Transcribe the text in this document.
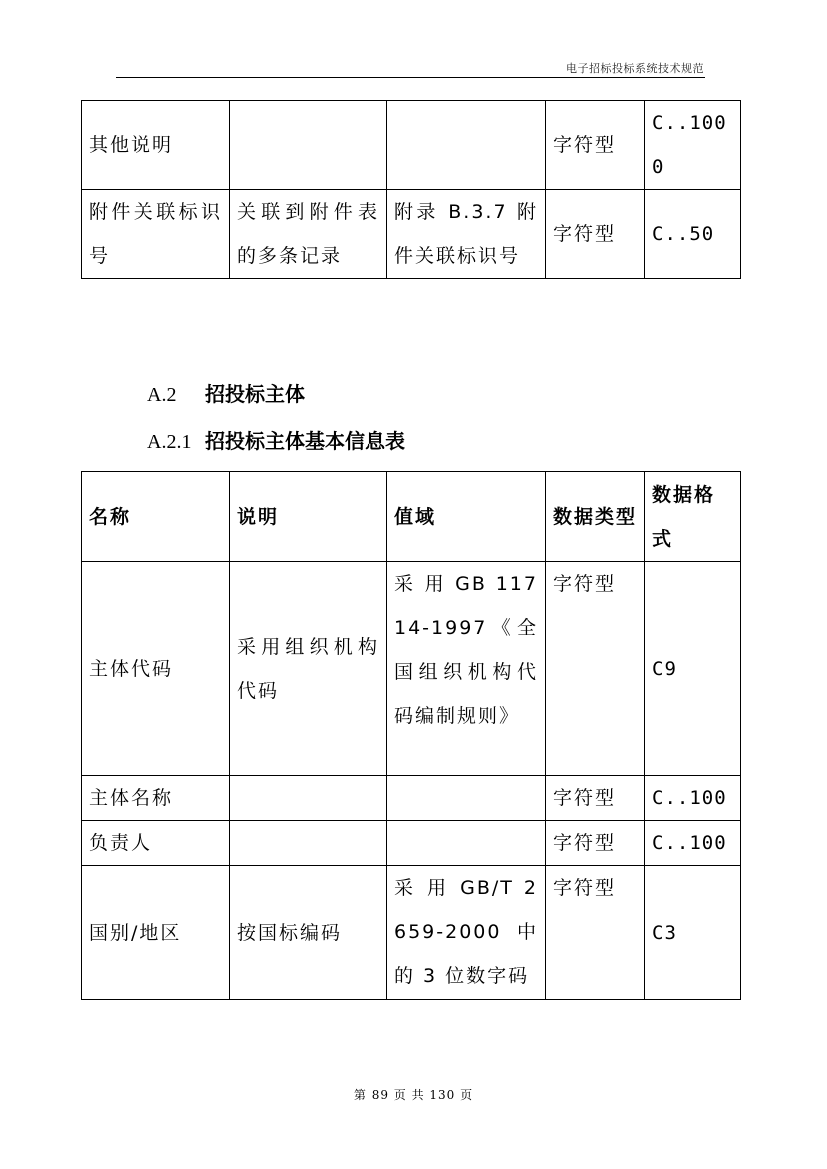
电子招标投标系统技术规范
其他说明			字符型	C..1000
附件关联标识号	关联到附件表的多条记录	附录 B.3.7 附件关联标识号	字符型	C..50
A.2 招投标主体
A.2.1 招投标主体基本信息表
名称	说明	值域	数据类型	数据格式
主体代码	采用组织机构代码	采 用 GB 11714-1997《全国组织机构代码编制规则》	字符型	C9
主体名称			字符型	C..100
负责人			字符型	C..100
国别/地区	按国标编码	采 用 GB/T 2659-2000 中的 3 位数字码	字符型	C3
第 89 页 共 130 页
